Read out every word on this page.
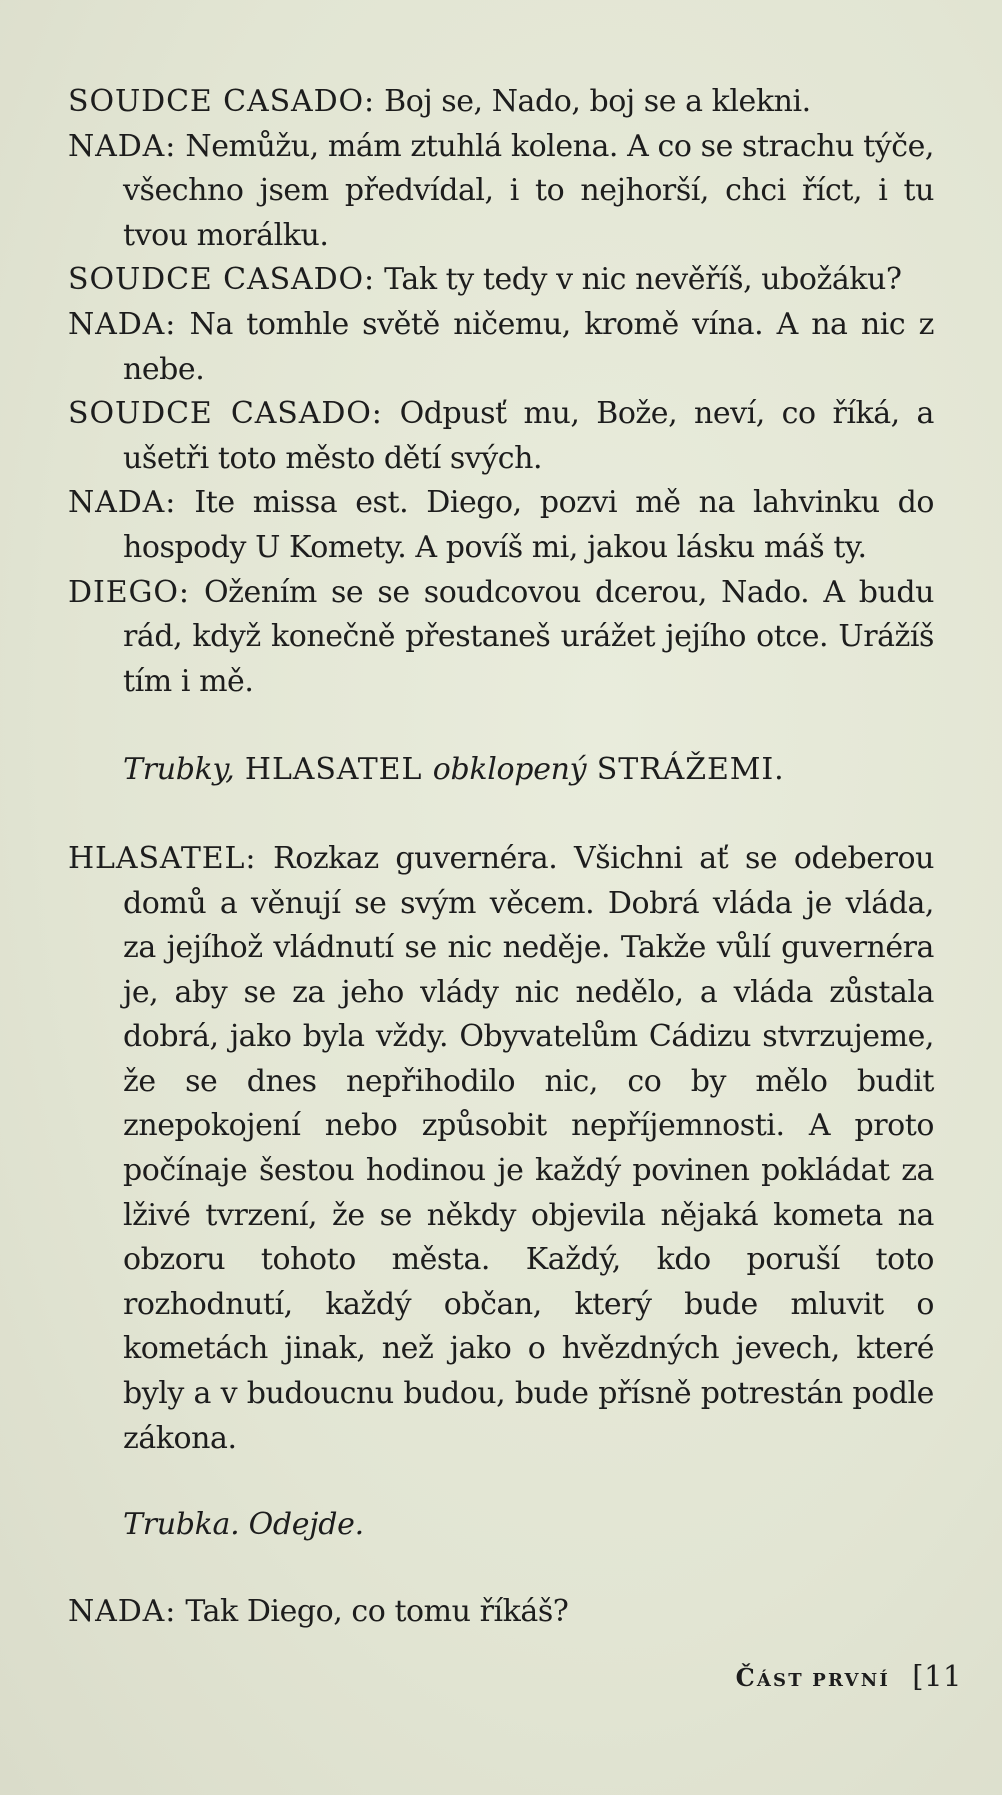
SOUDCE CASADO: Boj se, Nado, boj se a klekni.

NADA: Nemůžu, mám ztuhlá kolena. A co se strachu týče, všechno jsem předvídal, i to nejhorší, chci říct, i tu tvou morálku.

SOUDCE CASADO: Tak ty tedy v nic nevěříš, ubožáku?

NADA: Na tomhle světě ničemu, kromě vína. A na nic z nebe.

SOUDCE CASADO: Odpusť mu, Bože, neví, co říká, a ušetři toto město dětí svých.

NADA: Ite missa est. Diego, pozvi mě na lahvinku do hospody U Komety. A povíš mi, jakou lásku máš ty.

DIEGO: Ožením se se soudcovou dcerou, Nado. A budu rád, když konečně přestaneš urážet jejího otce. Urážíš tím i mě.

Trubky, HLASATEL obklopený STRÁŽEMI.

HLASATEL: Rozkaz guvernéra. Všichni ať se odeberou domů a věnují se svým věcem. Dobrá vláda je vláda, za jejíhož vládnutí se nic neděje. Takže vůlí guvernéra je, aby se za jeho vlády nic nedělo, a vláda zůstala dobrá, jako byla vždy. Obyvatelům Cádizu stvrzujeme, že se dnes nepřihodilo nic, co by mělo budit znepokojení nebo způsobit nepříjemnosti. A proto počínaje šestou hodinou je každý povinen pokládat za lživé tvrzení, že se někdy objevila nějaká kometa na obzoru tohoto města. Každý, kdo poruší toto rozhodnutí, každý občan, který bude mluvit o kometách jinak, než jako o hvězdných jevech, které byly a v budoucnu budou, bude přísně potrestán podle zákona.

Trubka. Odejde.

NADA: Tak Diego, co tomu říkáš?

ČÁST PRVNÍ [11
